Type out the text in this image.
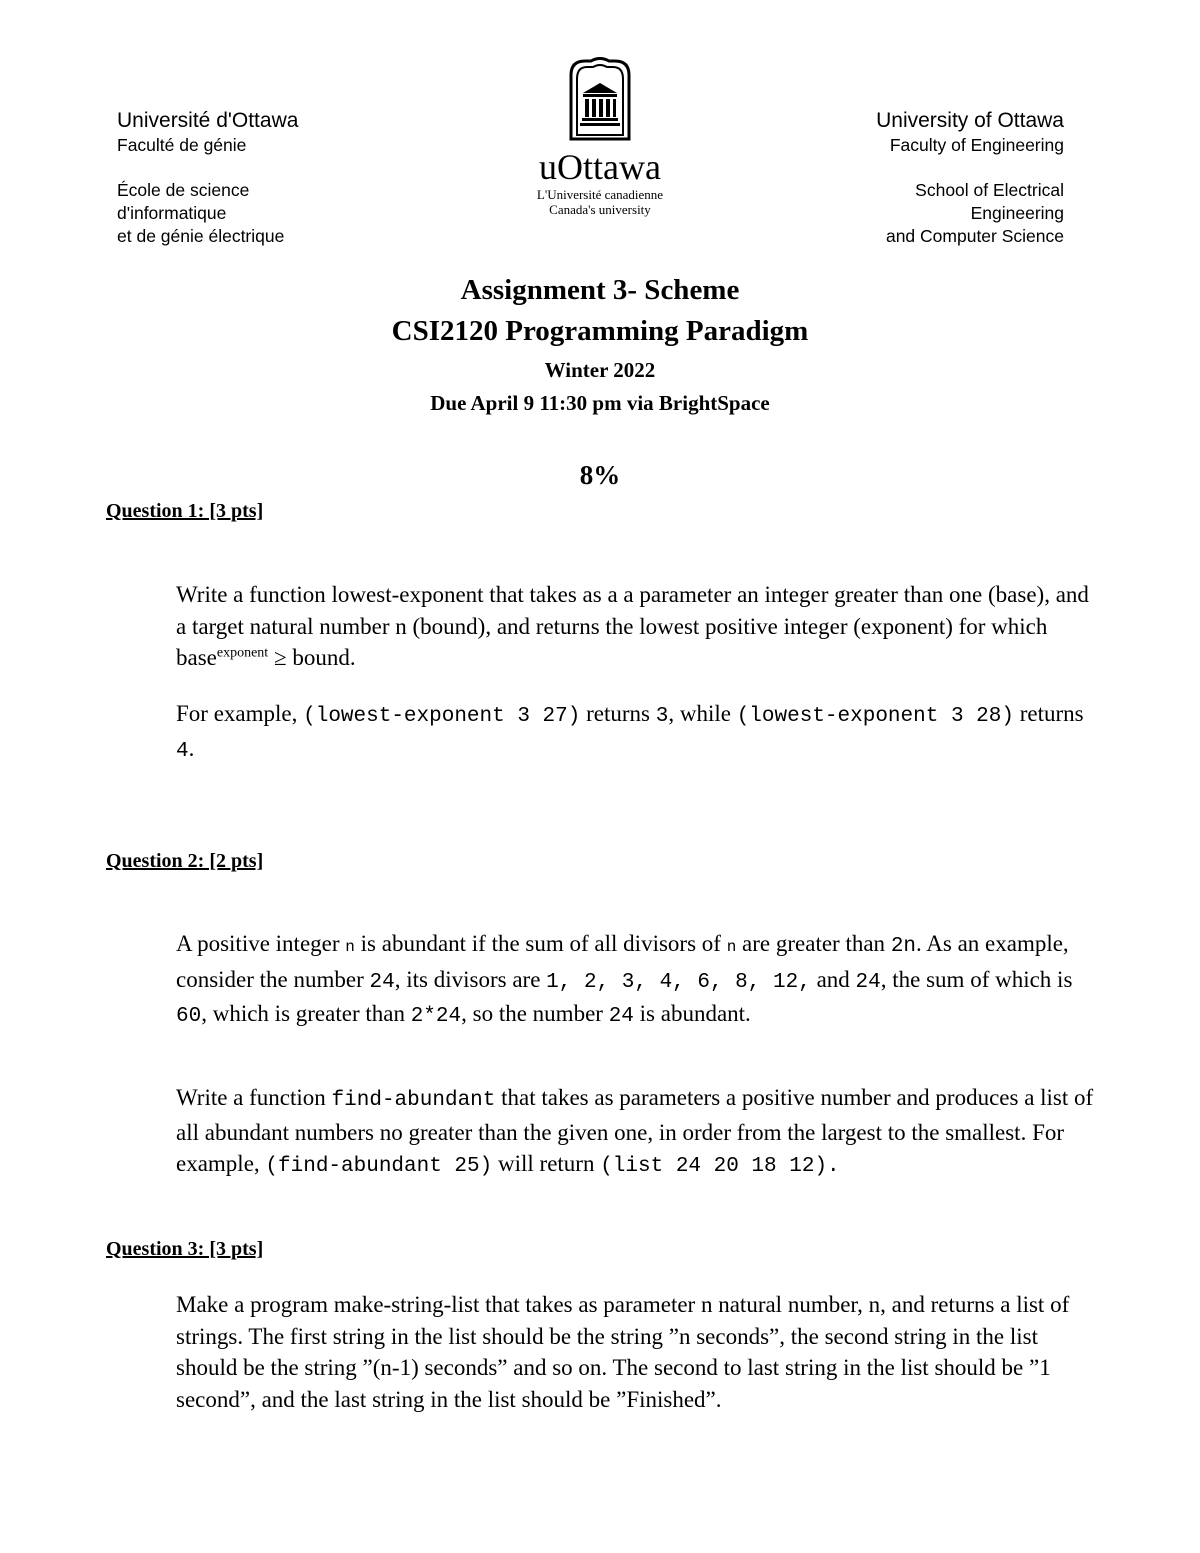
Université d'Ottawa
Faculté de génie
École de science
d'informatique
et de génie électrique
uOttawa
L'Université canadienne
Canada's university
University of Ottawa
Faculty of Engineering
School of Electrical
Engineering
and Computer Science
Assignment 3- Scheme
CSI2120 Programming Paradigm
Winter 2022
Due April 9 11:30 pm via BrightSpace
8%
Question 1: [3 pts]
Write a function lowest-exponent that takes as a a parameter an integer greater than one (base), and a target natural number n (bound), and returns the lowest positive integer (exponent) for which base$^{exponent}$ ≥ bound.
For example, (lowest-exponent 3 27) returns 3, while (lowest-exponent 3 28) returns 4.
Question 2: [2 pts]
A positive integer n is abundant if the sum of all divisors of n are greater than 2n. As an example, consider the number 24, its divisors are 1, 2, 3, 4, 6, 8, 12, and 24, the sum of which is 60, which is greater than 2*24, so the number 24 is abundant.
Write a function find-abundant that takes as parameters a positive number and produces a list of all abundant numbers no greater than the given one, in order from the largest to the smallest. For example, (find-abundant 25) will return (list 24 20 18 12).
Question 3: [3 pts]
Make a program make-string-list that takes as parameter n natural number, n, and returns a list of strings. The first string in the list should be the string ”n seconds”, the second string in the list should be the string ”(n-1) seconds” and so on. The second to last string in the list should be ”1 second”, and the last string in the list should be ”Finished”.
